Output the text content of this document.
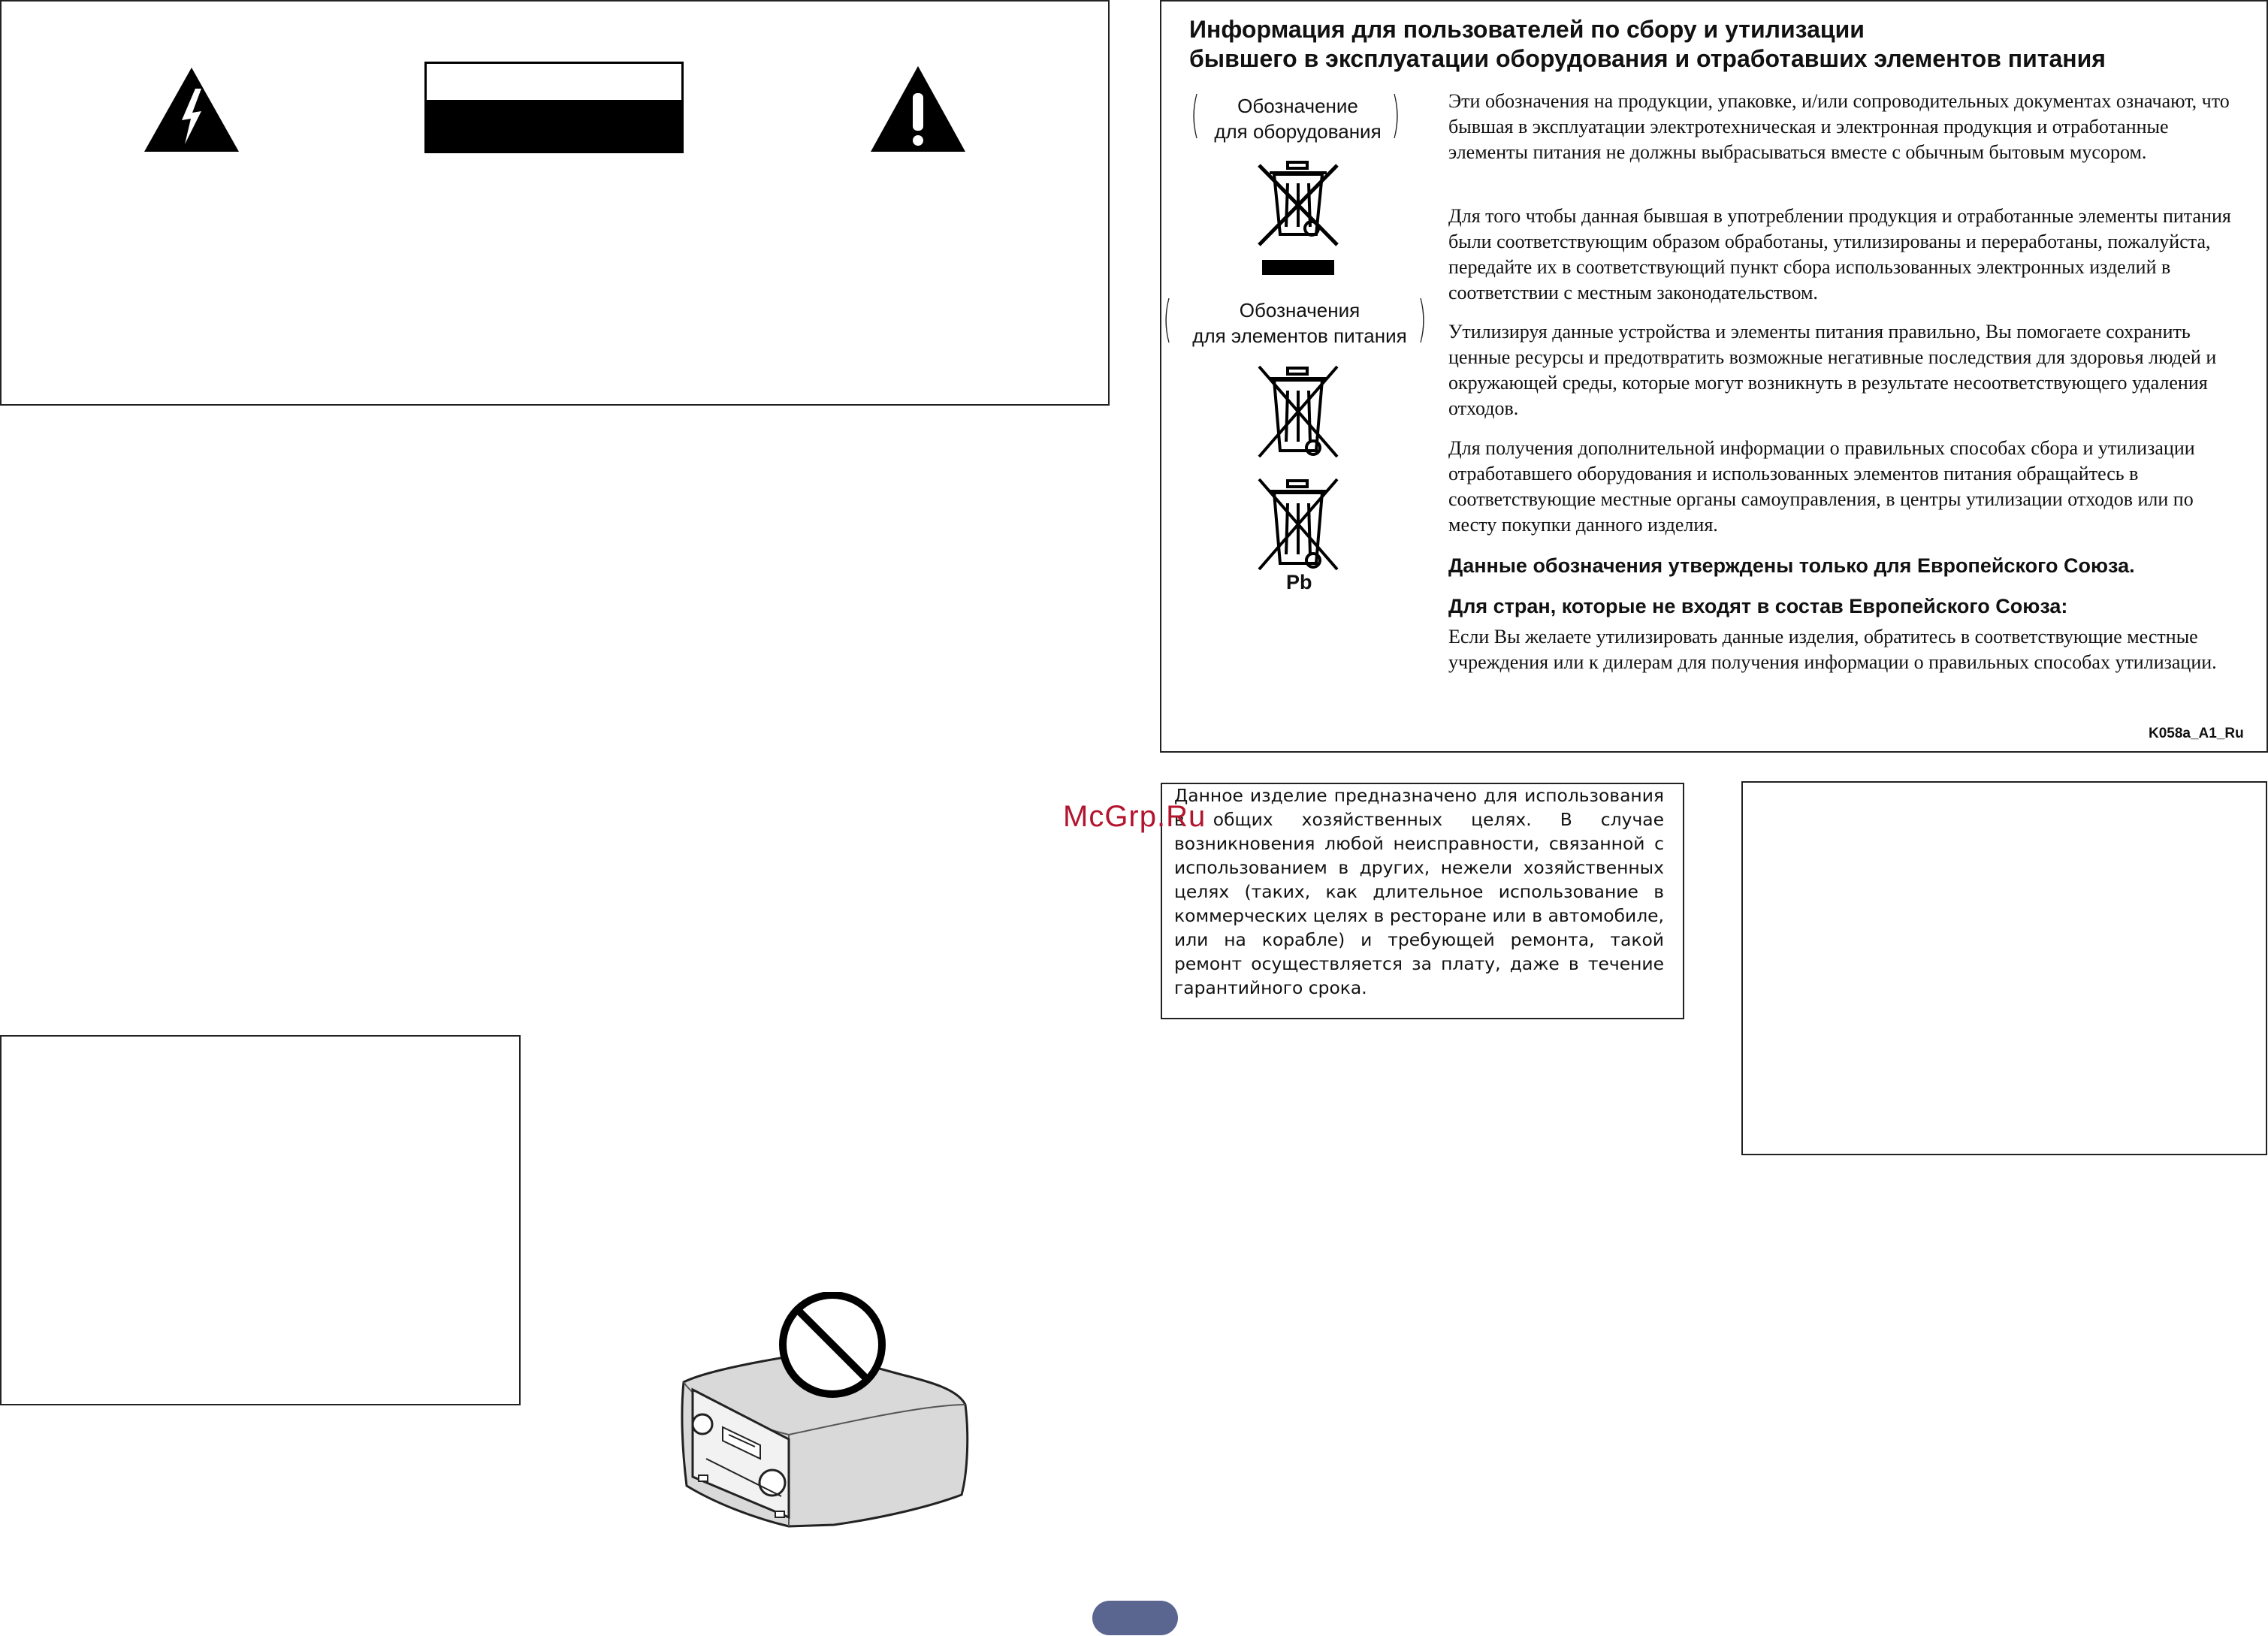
Информация для пользователей по сбору и утилизации
бывшего в эксплуатации оборудования и отработавших элементов питания
(	Обозначение
для оборудования )
(	Обозначения
для элементов питания )
Pb
Эти обозначения на продукции, упаковке, и/или сопроводительных документах означают, что бывшая в эксплуатации электротехническая и электронная продукция и отработанные элементы питания не должны выбрасываться вместе с обычным бытовым мусором.
Для того чтобы данная бывшая в употреблении продукция и отработанные элементы питания были соответствующим образом обработаны, утилизированы и переработаны, пожалуйста, передайте их в соответствующий пункт сбора использованных электронных изделий в соответствии с местным законодательством.
Утилизируя данные устройства и элементы питания правильно, Вы помогаете сохранить ценные ресурсы и предотвратить возможные негативные последствия для здоровья людей и окружающей среды, которые могут возникнуть в результате несоответствующего удаления отходов.
Для получения дополнительной информации о правильных способах сбора и утилизации отработавшего оборудования и использованных элементов питания обращайтесь в соответствующие местные органы самоуправления, в центры утилизации отходов или по месту покупки данного изделия.
Данные обозначения утверждены только для Европейского Союза.
Для стран, которые не входят в состав Европейского Союза:
Если Вы желаете утилизировать данные изделия, обратитесь в соответствующие местные учреждения или к дилерам для получения информации о правильных способах утилизации.
K058a_A1_Ru
Данное изделие предназначено для использования в общих хозяйственных целях. В случае возникновения любой неисправности, связанной с использованием в других, нежели хозяйственных целях (таких, как длительное использование в коммерческих целях в ресторане или в автомобиле, или на корабле) и требующей ремонта, такой ремонт осуществляется за плату, даже в течение гарантийного срока.
McGrp.Ru
